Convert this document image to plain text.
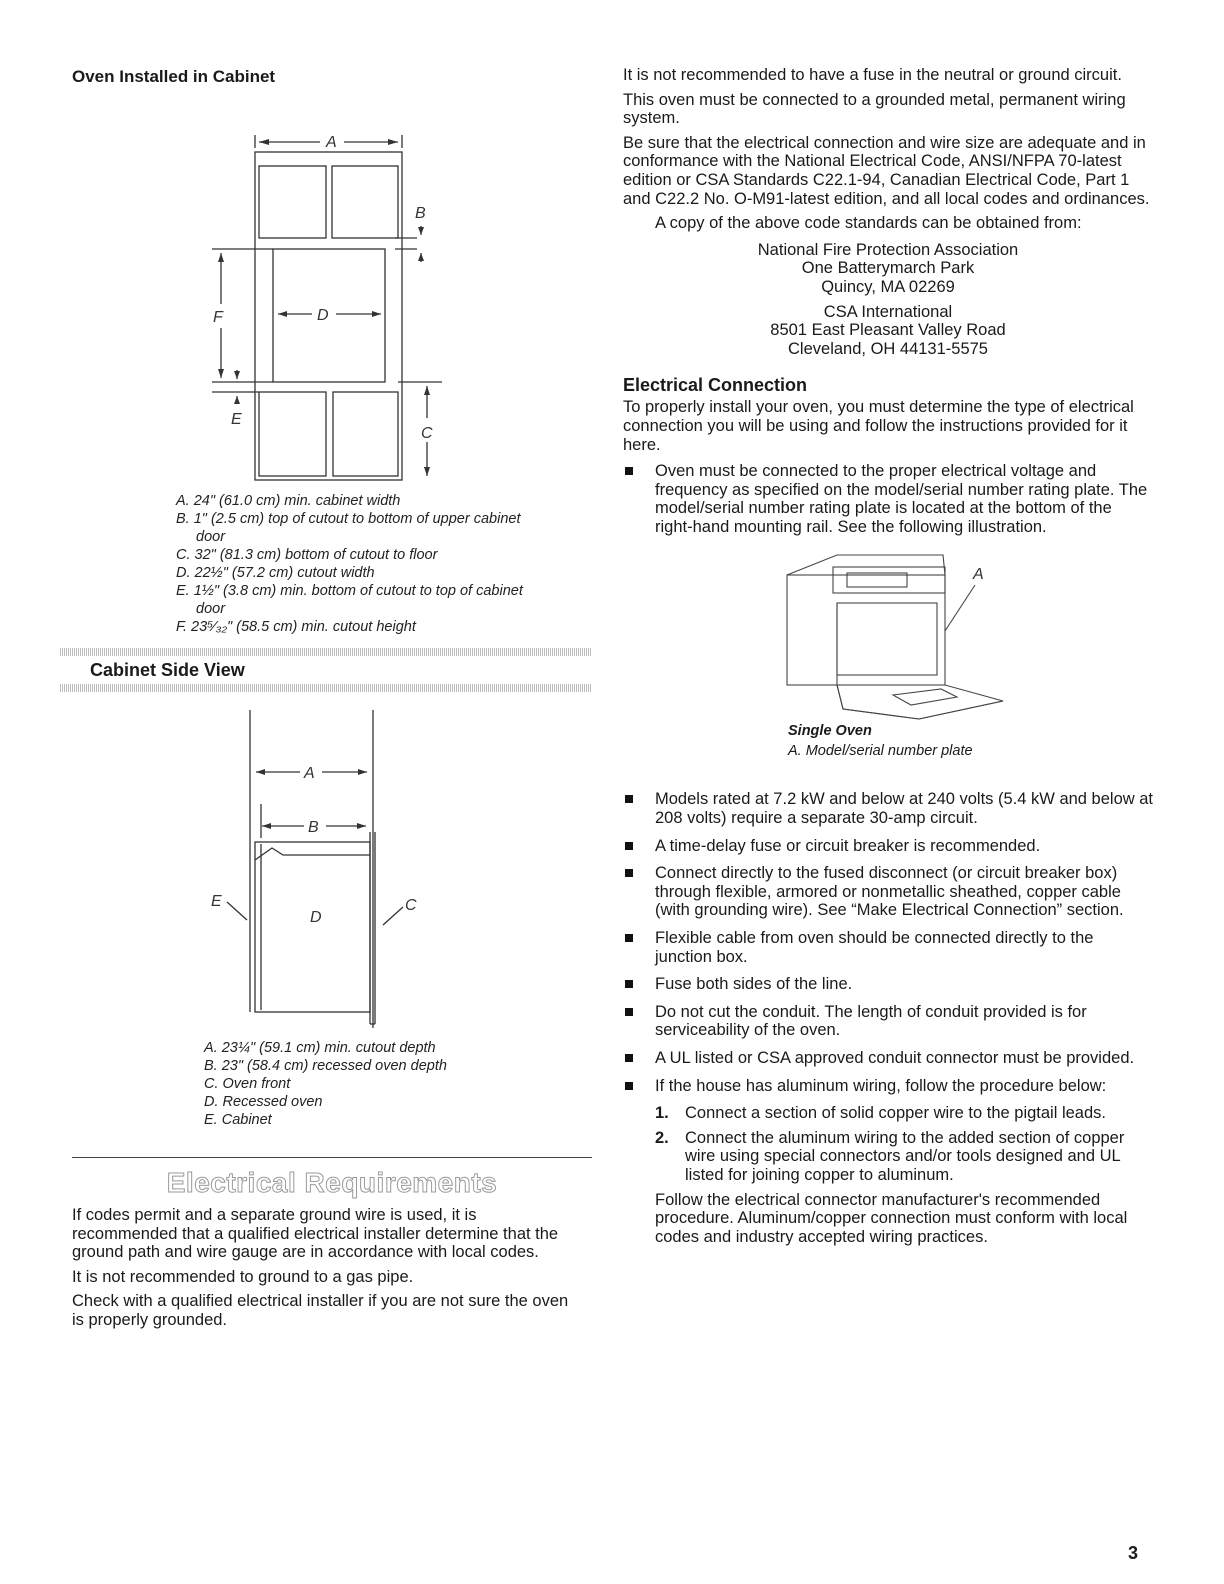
Oven Installed in Cabinet
A
B
D
F
E
C
A. 24" (61.0 cm) min. cabinet width
B. 1" (2.5 cm) top of cutout to bottom of upper cabinet door
C. 32" (81.3 cm) bottom of cutout to floor
D. 22½" (57.2 cm) cutout width
E. 1½" (3.8 cm) min. bottom of cutout to top of cabinet door
F. 23⁵⁄₃₂" (58.5 cm) min. cutout height
Cabinet Side View
A
B
E
D
C
A. 23¼" (59.1 cm) min. cutout depth
B. 23" (58.4 cm) recessed oven depth
C. Oven front
D. Recessed oven
E. Cabinet
Electrical Requirements

If codes permit and a separate ground wire is used, it is recommended that a qualified electrical installer determine that the ground path and wire gauge are in accordance with local codes.

It is not recommended to ground to a gas pipe.

Check with a qualified electrical installer if you are not sure the oven is properly grounded.

It is not recommended to have a fuse in the neutral or ground circuit.

This oven must be connected to a grounded metal, permanent wiring system.

Be sure that the electrical connection and wire size are adequate and in conformance with the National Electrical Code, ANSI/NFPA 70-latest edition or CSA Standards C22.1-94, Canadian Electrical Code, Part 1 and C22.2 No. O-M91-latest edition, and all local codes and ordinances.

A copy of the above code standards can be obtained from:

National Fire Protection Association
One Batterymarch Park
Quincy, MA 02269
CSA International
8501 East Pleasant Valley Road
Cleveland, OH 44131-5575
Electrical Connection

To properly install your oven, you must determine the type of electrical connection you will be using and follow the instructions provided for it here.

Oven must be connected to the proper electrical voltage and frequency as specified on the model/serial number rating plate. The model/serial number rating plate is located at the bottom of the right-hand mounting rail. See the following illustration.
A
Single Oven
A. Model/serial number plate
Models rated at 7.2 kW and below at 240 volts (5.4 kW and below at 208 volts) require a separate 30-amp circuit.
A time-delay fuse or circuit breaker is recommended.
Connect directly to the fused disconnect (or circuit breaker box) through flexible, armored or nonmetallic sheathed, copper cable (with grounding wire). See “Make Electrical Connection” section.
Flexible cable from oven should be connected directly to the junction box.
Fuse both sides of the line.
Do not cut the conduit. The length of conduit provided is for serviceability of the oven.
A UL listed or CSA approved conduit connector must be provided.
If the house has aluminum wiring, follow the procedure below:
1. Connect a section of solid copper wire to the pigtail leads.
2. Connect the aluminum wiring to the added section of copper wire using special connectors and/or tools designed and UL listed for joining copper to aluminum.

Follow the electrical connector manufacturer's recommended procedure. Aluminum/copper connection must conform with local codes and industry accepted wiring practices.

3
